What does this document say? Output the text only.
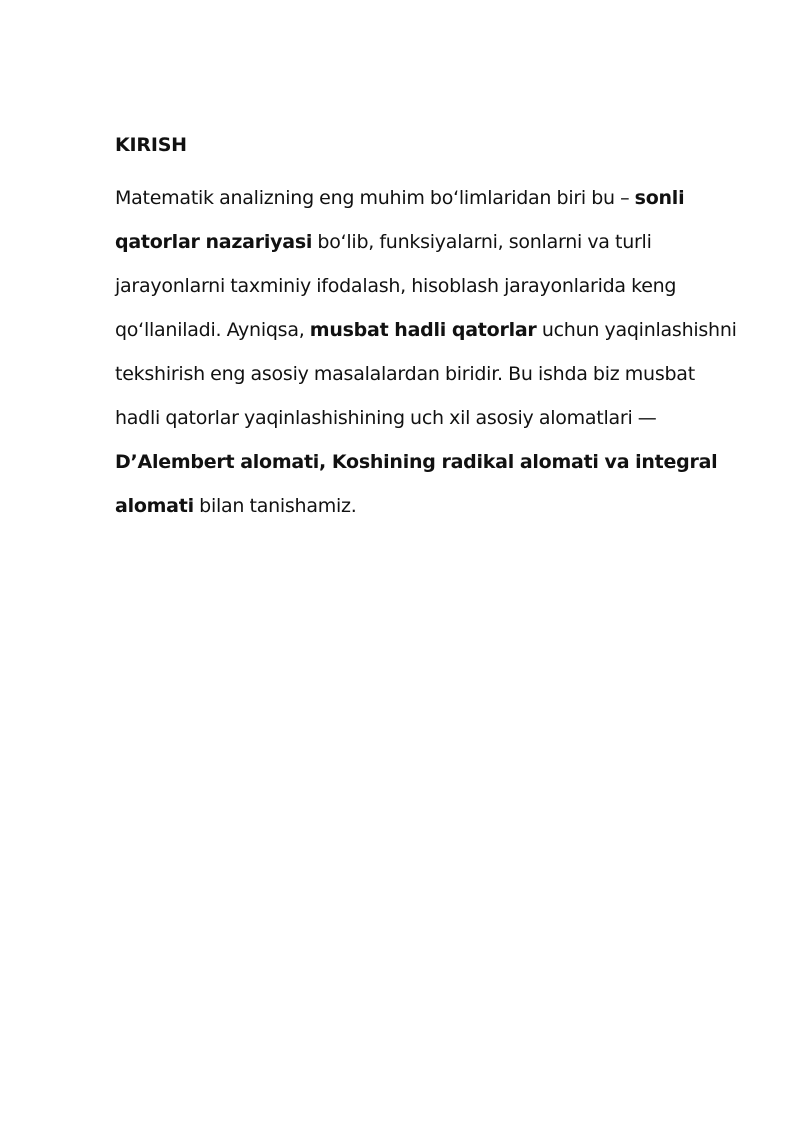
KIRISH

Matematik analizning eng muhim bo‘limlaridan biri bu – sonli qatorlar nazariyasi bo‘lib, funksiyalarni, sonlarni va turli jarayonlarni taxminiy ifodalash, hisoblash jarayonlarida keng qo‘llaniladi. Ayniqsa, musbat hadli qatorlar uchun yaqinlashishni tekshirish eng asosiy masalalardan biridir. Bu ishda biz musbat hadli qatorlar yaqinlashishining uch xil asosiy alomatlari — D’Alembert alomati, Koshining radikal alomati va integral alomati bilan tanishamiz.
